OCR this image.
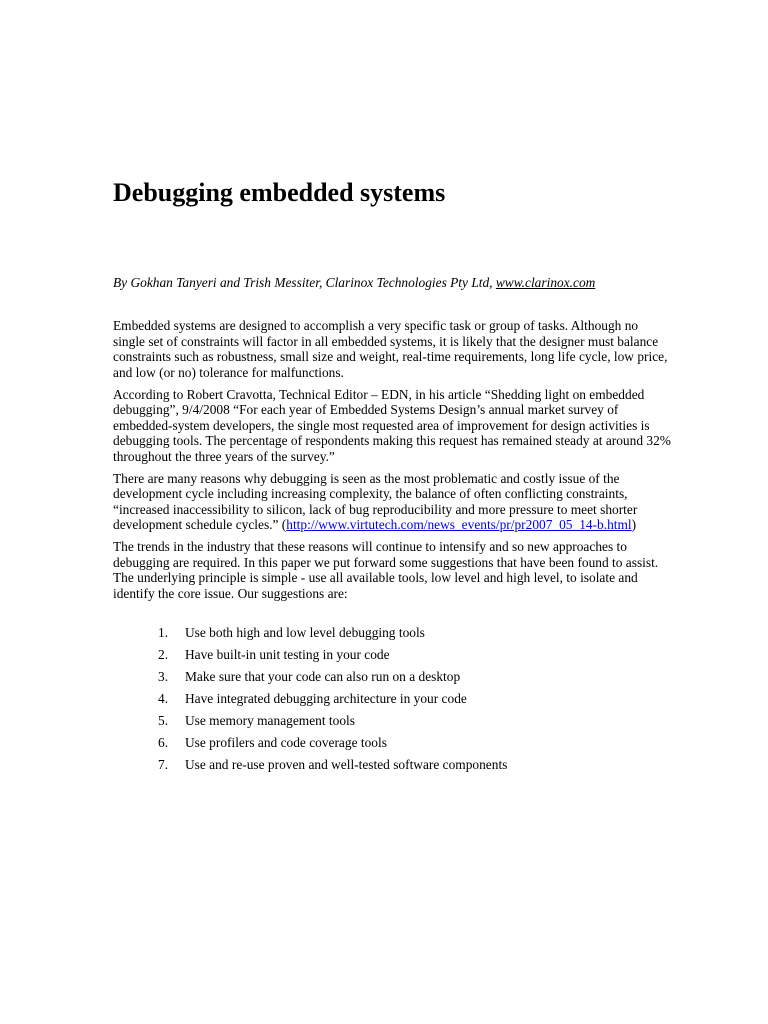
Debugging embedded systems
By Gokhan Tanyeri and Trish Messiter, Clarinox Technologies Pty Ltd, www.clarinox.com

Embedded systems are designed to accomplish a very specific task or group of tasks. Although no single set of constraints will factor in all embedded systems, it is likely that the designer must balance constraints such as robustness, small size and weight, real-time requirements, long life cycle, low price, and low (or no) tolerance for malfunctions.

According to Robert Cravotta, Technical Editor – EDN, in his article “Shedding light on embedded debugging”, 9/4/2008 “For each year of Embedded Systems Design’s annual market survey of embedded-system developers, the single most requested area of improvement for design activities is debugging tools. The percentage of respondents making this request has remained steady at around 32% throughout the three years of the survey.”

There are many reasons why debugging is seen as the most problematic and costly issue of the development cycle including increasing complexity, the balance of often conflicting constraints, “increased inaccessibility to silicon, lack of bug reproducibility and more pressure to meet shorter development schedule cycles.” (http://www.virtutech.com/news_events/pr/pr2007_05_14-b.html)

The trends in the industry that these reasons will continue to intensify and so new approaches to debugging are required. In this paper we put forward some suggestions that have been found to assist. The underlying principle is simple - use all available tools, low level and high level, to isolate and identify the core issue. Our suggestions are:

1. Use both high and low level debugging tools
2. Have built-in unit testing in your code
3. Make sure that your code can also run on a desktop
4. Have integrated debugging architecture in your code
5. Use memory management tools
6. Use profilers and code coverage tools
7. Use and re-use proven and well-tested software components
